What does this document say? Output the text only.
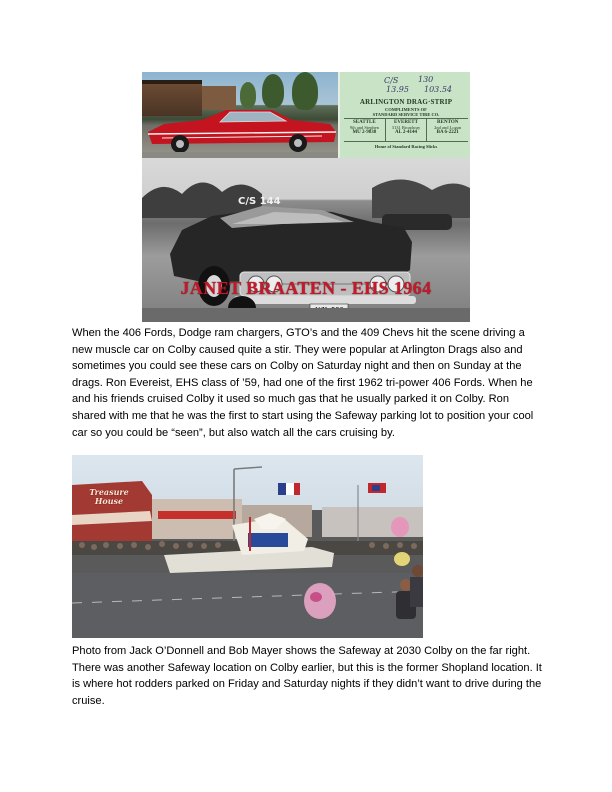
C/S 130
13.95 103.54
ARLINGTON DRAG·STRIP
COMPLIMENTS OF
STANDARD SERVICE TIRE CO.
SEATTLE
9th and Stephen
MU 2-9838
EVERETT
3131 Broadway
AL 2-4144
RENTON
2nd and Logan
BA 6-2221
Home of Standard Racing Slicks
C/S 144
JANET BRAATEN - EHS 1964

When the 406 Fords, Dodge ram chargers, GTO’s and the 409 Chevs hit the scene driving a new muscle car on Colby caused quite a stir. They were popular at Arlington Drags also and sometimes you could see these cars on Colby on Saturday night and then on Sunday at the drags. Ron Evereist, EHS class of ’59, had one of the first 1962 tri-power 406 Fords. When he and his friends cruised Colby it used so much gas that he usually parked it on Colby. Ron shared with me that he was the first to start using the Safeway parking lot to position your cool car so you could be “seen”, but also watch all the cars cruising by.

Treasure House

Photo from Jack O’Donnell and Bob Mayer shows the Safeway at 2030 Colby on the far right. There was another Safeway location on Colby earlier, but this is the former Shopland location. It is where hot rodders parked on Friday and Saturday nights if they didn’t want to drive during the cruise.
